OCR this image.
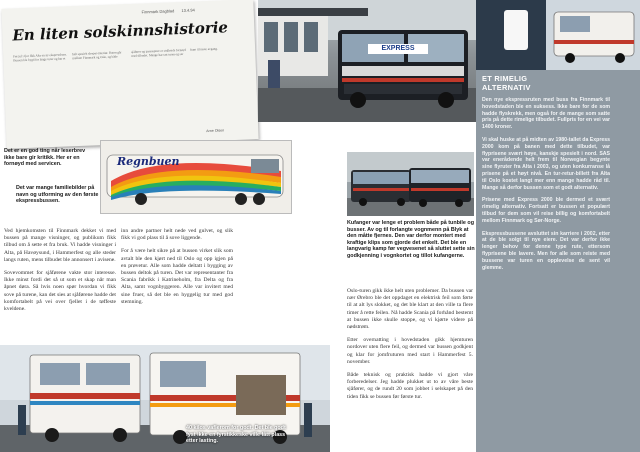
Finnmark Dagblad 13.4.94
En liten solskinnshistorie
Før jul i fjor fikk Alta en ny ekspressbuss. Bussen ble bygd for lange turer og har et helt spesielt sleeper-interiør. Ruten går mellom Finnmark og Oslo, og både sjåfører og passasjerer er strålende fornøyd med tilbudet. Mange har tatt turen og ser fram til neste avgang.
Arne Olsen
EXPRESS
Det er en god ting når leserbrev ikke bare gir kritikk. Her er en fornøyd med servicen.
Det var mange familiebilder på navn og utforming av den første ekspressbussen.
Regnbuen
Kufanger var lenge et problem både på tunbile og busser. Av og til forlangte vognmenn på Blyk at den måtte fjernes. Den var derfor montert med kraftige klips som gjorde det enkelt. Det ble en langvarig kamp før vegvesenet så sluttet sette sin godkjenning i vognkortet og tillot kufangerne.

Ved hjemkomsten til Finnmark dekket vi med bussen på mange visninger, og publikum fikk tilbud om å sette et fra bruk. Vi hadde visninger i Alta, på Havøysund, i Hammerfest og alle steder langs ruten, mens tilbudet ble annonsert i avisene.

Sovevommet for sjåførene vakte stor interesse. Ikke minst fordi det så ut som et skap når man åpnet døra. Så hvis noen spør hvordan vi fikk sove på turene, kan det sies at sjåførene hadde det komfortabelt på vei over fjellet i de tøffeste kveldene.

inn andre partner helt nede ved gulvet, og slik fikk vi god plass til å sove liggende.

For å være helt sikre på at bussen virket slik som avtalt ble den kjørt ned til Oslo og opp igjen på en prøvetur. Alle som hadde deltatt i bygging av bussen deltok på turen. Det var representanter fra Scania fabrikk i Katrineholm, fra Delta og fra Alta, samt vognbyggeren. Alle var invitert med sine fruer, så det ble en hyggelig tur med god stemning.

Oslo-turen gikk ikke helt uten problemer. Da bussen var nær Ørebro ble det oppdaget en elektrisk feil som førte til at alt lys slokket, og det ble klart at den ville ta flere timer å rette feilen. Nå hadde Scania på forhånd bestemt at bussen ikke skulle stoppe, og vi kjørte videre på nødstrøm.

Etter overnatting i hovedstaden gikk hjemturen nordover uten flere feil, og dermed var bussen godkjent og klar for jomfruturen med start i Hammerfest 5. november.

Både teknisk og praktisk hadde vi gjort våre forberedelser. Jeg hadde plukket ut to av våre beste sjåfører, og de rundt 20 som jobbet i selskapet på den tiden fikk se bussen før første tur.

40 kilos vaflerom for godt. Det ble godt fyst ikke en fyrstikkeske ville fått plass etter lasting.
ET RIMELIG ALTERNATIV

Den nye ekspressruten med buss fra Finnmark til hovedstaden ble en suksess. Ikke bare for de som hadde flyskrekk, men også for de mange som satte pris på dette rimelige tilbudet. Fullpris for en vei var 1400 kroner.

Vi skal huske at på midten av 1980-tallet da Express 2000 kom på banen med dette tilbudet, var flyprisene svært høye, kanskje spesielt i nord. SAS var enerådende helt frem til Norwegian begynte sine flyruter fra Alta i 2003, og uten konkurranse lå prisene på et høyt nivå. En tur-retur-billett fra Alta til Oslo kostet langt mer enn mange hadde råd til. Mange så derfor bussen som et godt alternativ.

Prisene med Express 2000 ble dermed et svært rimelig alternativ. Fortsatt er bussen et populært tilbud for dem som vil reise billig og komfortabelt mellom Finnmark og Sør-Norge.

Ekspressbussene avsluttet sin karriere i 2002, etter at de ble solgt til nye eiere. Det var derfor ikke lenger behov for denne type rute, ettersom flyprisene ble lavere. Men for alle som reiste med bussene var turen en opplevelse de sent vil glemme.
